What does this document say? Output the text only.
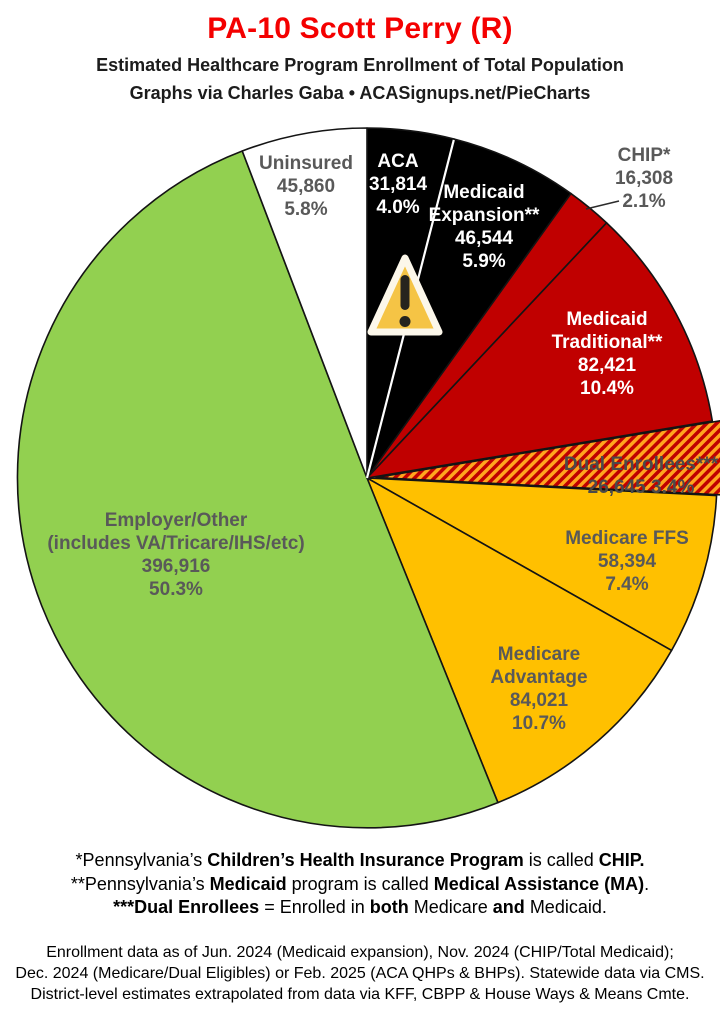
PA-10 Scott Perry (R)
Estimated Healthcare Program Enrollment of Total Population
Graphs via Charles Gaba • ACASignups.net/PieCharts
Uninsured
45,860
5.8%
ACA
31,814
4.0%
Medicaid
Expansion**
46,544
5.9%
CHIP*
16,308
2.1%
Medicaid
Traditional**
82,421
10.4%
Dual Enrollees***
26,645 3.4%
Medicare FFS
58,394
7.4%
Medicare
Advantage
84,021
10.7%
Employer/Other
(includes VA/Tricare/IHS/etc)
396,916
50.3%
*Pennsylvania’s Children’s Health Insurance Program is called CHIP.
**Pennsylvania’s Medicaid program is called Medical Assistance (MA).
***Dual Enrollees = Enrolled in both Medicare and Medicaid.
Enrollment data as of Jun. 2024 (Medicaid expansion), Nov. 2024 (CHIP/Total Medicaid);
Dec. 2024 (Medicare/Dual Eligibles) or Feb. 2025 (ACA QHPs & BHPs). Statewide data via CMS.
District-level estimates extrapolated from data via KFF, CBPP & House Ways & Means Cmte.
